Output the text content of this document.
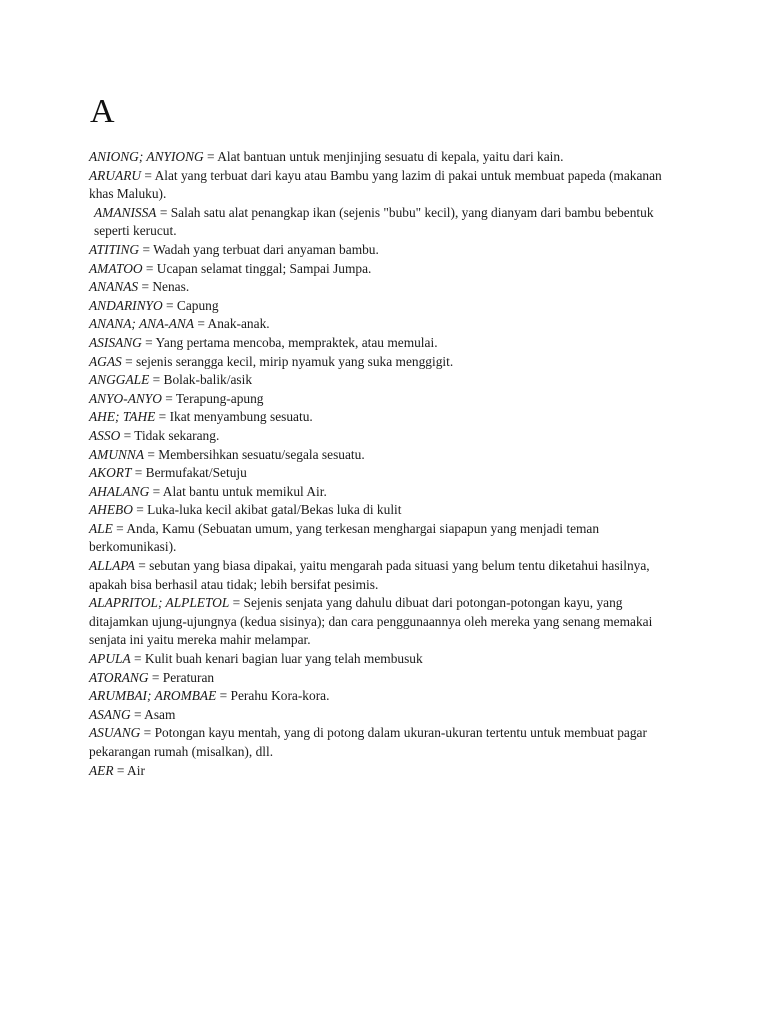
A

ANIONG; ANYIONG = Alat bantuan untuk menjinjing sesuatu di kepala, yaitu dari kain.

ARUARU = Alat yang terbuat dari kayu atau Bambu yang lazim di pakai untuk membuat papeda (makanan khas Maluku).

AMANISSA = Salah satu alat penangkap ikan (sejenis "bubu" kecil), yang dianyam dari bambu bebentuk seperti kerucut.

ATITING = Wadah yang terbuat dari anyaman bambu.

AMATOO = Ucapan selamat tinggal; Sampai Jumpa.

ANANAS = Nenas.

ANDARINYO = Capung

ANANA; ANA-ANA = Anak-anak.

ASISANG = Yang pertama mencoba, mempraktek, atau memulai.

AGAS = sejenis serangga kecil, mirip nyamuk yang suka menggigit.

ANGGALE = Bolak-balik/asik

ANYO-ANYO = Terapung-apung

AHE; TAHE = Ikat menyambung sesuatu.

ASSO = Tidak sekarang.

AMUNNA = Membersihkan sesuatu/segala sesuatu.

AKORT = Bermufakat/Setuju

AHALANG = Alat bantu untuk memikul Air.

AHEBO = Luka-luka kecil akibat gatal/Bekas luka di kulit

ALE = Anda, Kamu (Sebuatan umum, yang terkesan menghargai siapapun yang menjadi teman berkomunikasi).

ALLAPA = sebutan yang biasa dipakai, yaitu mengarah pada situasi yang belum tentu diketahui hasilnya, apakah bisa berhasil atau tidak; lebih bersifat pesimis.

ALAPRITOL; ALPLETOL = Sejenis senjata yang dahulu dibuat dari potongan-potongan kayu, yang ditajamkan ujung-ujungnya (kedua sisinya); dan cara penggunaannya oleh mereka yang senang memakai senjata ini yaitu mereka mahir melampar.

APULA = Kulit buah kenari bagian luar yang telah membusuk

ATORANG = Peraturan

ARUMBAI; AROMBAE = Perahu Kora-kora.

ASANG = Asam

ASUANG = Potongan kayu mentah, yang di potong dalam ukuran-ukuran tertentu untuk membuat pagar pekarangan rumah (misalkan), dll.

AER = Air
